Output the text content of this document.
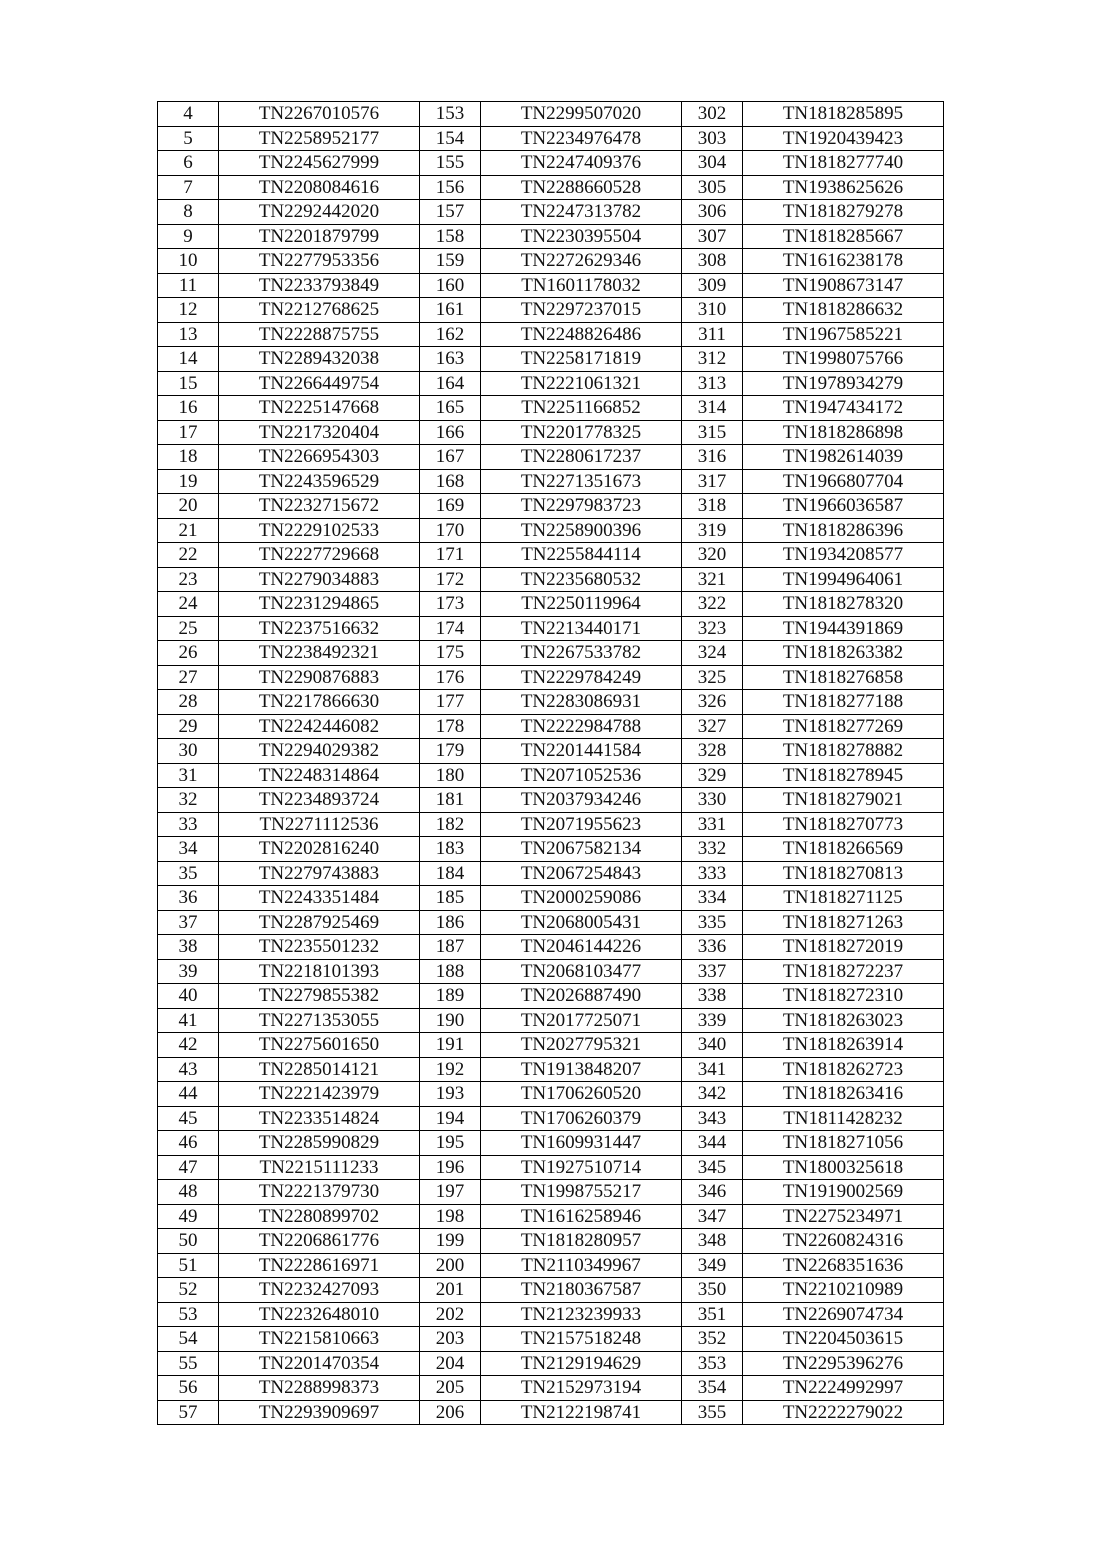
4	TN2267010576	153	TN2299507020	302	TN1818285895
5	TN2258952177	154	TN2234976478	303	TN1920439423
6	TN2245627999	155	TN2247409376	304	TN1818277740
7	TN2208084616	156	TN2288660528	305	TN1938625626
8	TN2292442020	157	TN2247313782	306	TN1818279278
9	TN2201879799	158	TN2230395504	307	TN1818285667
10	TN2277953356	159	TN2272629346	308	TN1616238178
11	TN2233793849	160	TN1601178032	309	TN1908673147
12	TN2212768625	161	TN2297237015	310	TN1818286632
13	TN2228875755	162	TN2248826486	311	TN1967585221
14	TN2289432038	163	TN2258171819	312	TN1998075766
15	TN2266449754	164	TN2221061321	313	TN1978934279
16	TN2225147668	165	TN2251166852	314	TN1947434172
17	TN2217320404	166	TN2201778325	315	TN1818286898
18	TN2266954303	167	TN2280617237	316	TN1982614039
19	TN2243596529	168	TN2271351673	317	TN1966807704
20	TN2232715672	169	TN2297983723	318	TN1966036587
21	TN2229102533	170	TN2258900396	319	TN1818286396
22	TN2227729668	171	TN2255844114	320	TN1934208577
23	TN2279034883	172	TN2235680532	321	TN1994964061
24	TN2231294865	173	TN2250119964	322	TN1818278320
25	TN2237516632	174	TN2213440171	323	TN1944391869
26	TN2238492321	175	TN2267533782	324	TN1818263382
27	TN2290876883	176	TN2229784249	325	TN1818276858
28	TN2217866630	177	TN2283086931	326	TN1818277188
29	TN2242446082	178	TN2222984788	327	TN1818277269
30	TN2294029382	179	TN2201441584	328	TN1818278882
31	TN2248314864	180	TN2071052536	329	TN1818278945
32	TN2234893724	181	TN2037934246	330	TN1818279021
33	TN2271112536	182	TN2071955623	331	TN1818270773
34	TN2202816240	183	TN2067582134	332	TN1818266569
35	TN2279743883	184	TN2067254843	333	TN1818270813
36	TN2243351484	185	TN2000259086	334	TN1818271125
37	TN2287925469	186	TN2068005431	335	TN1818271263
38	TN2235501232	187	TN2046144226	336	TN1818272019
39	TN2218101393	188	TN2068103477	337	TN1818272237
40	TN2279855382	189	TN2026887490	338	TN1818272310
41	TN2271353055	190	TN2017725071	339	TN1818263023
42	TN2275601650	191	TN2027795321	340	TN1818263914
43	TN2285014121	192	TN1913848207	341	TN1818262723
44	TN2221423979	193	TN1706260520	342	TN1818263416
45	TN2233514824	194	TN1706260379	343	TN1811428232
46	TN2285990829	195	TN1609931447	344	TN1818271056
47	TN2215111233	196	TN1927510714	345	TN1800325618
48	TN2221379730	197	TN1998755217	346	TN1919002569
49	TN2280899702	198	TN1616258946	347	TN2275234971
50	TN2206861776	199	TN1818280957	348	TN2260824316
51	TN2228616971	200	TN2110349967	349	TN2268351636
52	TN2232427093	201	TN2180367587	350	TN2210210989
53	TN2232648010	202	TN2123239933	351	TN2269074734
54	TN2215810663	203	TN2157518248	352	TN2204503615
55	TN2201470354	204	TN2129194629	353	TN2295396276
56	TN2288998373	205	TN2152973194	354	TN2224992997
57	TN2293909697	206	TN2122198741	355	TN2222279022
